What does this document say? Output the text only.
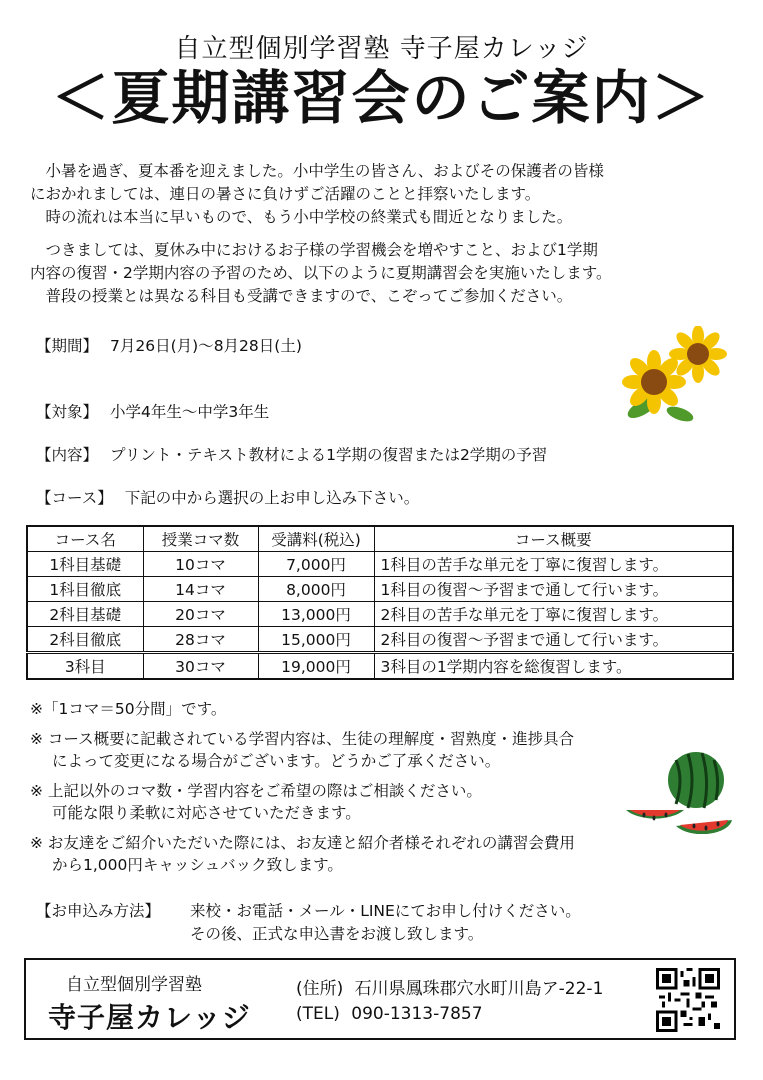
自立型個別学習塾 寺子屋カレッジ
＜夏期講習会のご案内＞

小暑を過ぎ、夏本番を迎えました。小中学生の皆さん、およびその保護者の皆様

におかれましては、連日の暑さに負けずご活躍のことと拝察いたします。

時の流れは本当に早いもので、もう小中学校の終業式も間近となりました。

つきましては、夏休み中におけるお子様の学習機会を増やすこと、および1学期

内容の復習・2学期内容の予習のため、以下のように夏期講習会を実施いたします。

普段の授業とは異なる科目も受講できますので、こぞってご参加ください。

【期間】 7月26日(月)～8月28日(土)
【対象】 小学4年生～中学3年生
【内容】 プリント・テキスト教材による1学期の復習または2学期の予習
【コース】 下記の中から選択の上お申し込み下さい。
コース名	授業コマ数	受講料(税込)	コース概要
1科目基礎	10コマ	7,000円	1科目の苦手な単元を丁寧に復習します。
1科目徹底	14コマ	8,000円	1科目の復習～予習まで通して行います。
2科目基礎	20コマ	13,000円	2科目の苦手な単元を丁寧に復習します。
2科目徹底	28コマ	15,000円	2科目の復習～予習まで通して行います。
3科目	30コマ	19,000円	3科目の1学期内容を総復習します。

※「1コマ＝50分間」です。

※ コース概要に記載されている学習内容は、生徒の理解度・習熟度・進捗具合
によって変更になる場合がございます。どうかご了承ください。

※ 上記以外のコマ数・学習内容をご希望の際はご相談ください。
可能な限り柔軟に対応させていただきます。

※ お友達をご紹介いただいた際には、お友達と紹介者様それぞれの講習会費用
から1,000円キャッシュバック致します。

【お申込み方法】 来校・お電話・メール・LINEにてお申し付けください。
その後、正式な申込書をお渡し致します。
自立型個別学習塾
寺子屋カレッジ
(住所) 石川県鳳珠郡穴水町川島ア-22-1
(TEL) 090-1313-7857
